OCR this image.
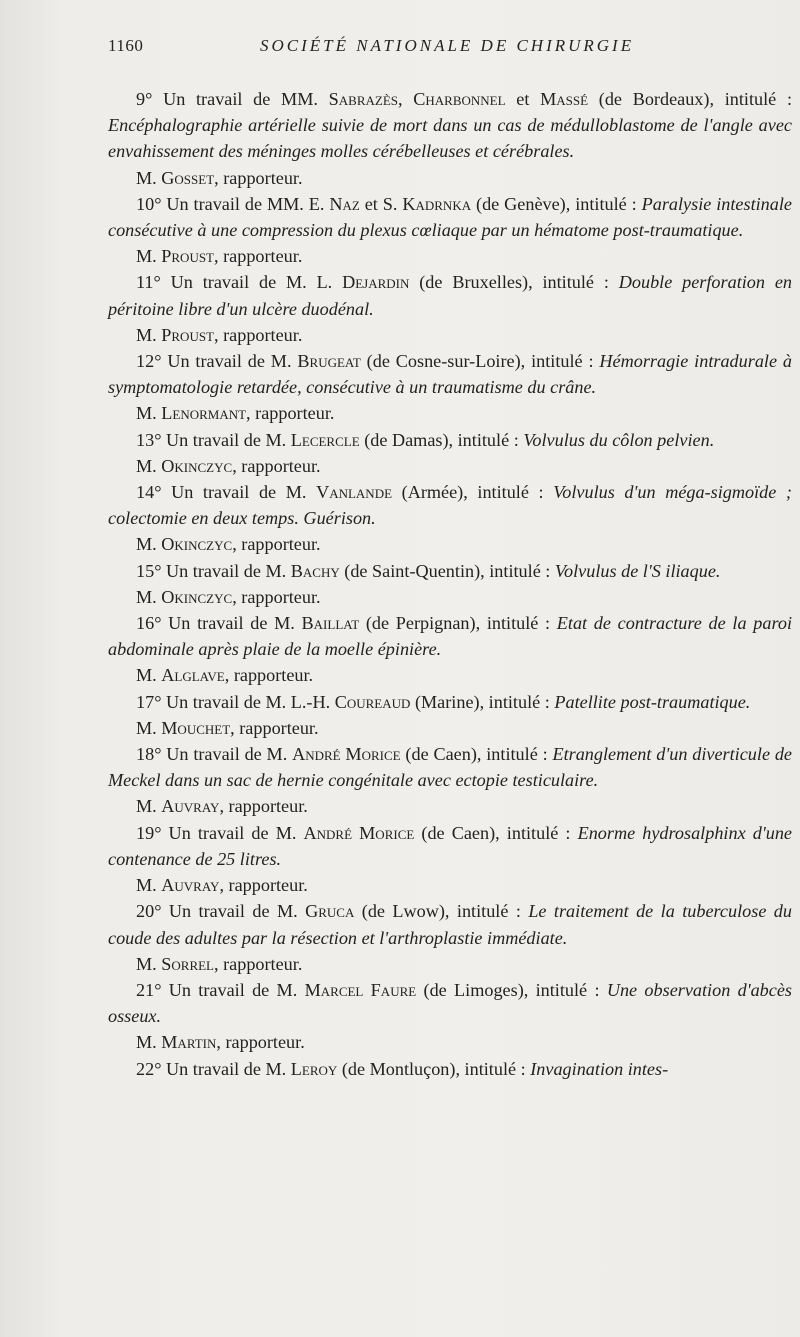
1160	SOCIÉTÉ NATIONALE DE CHIRURGIE

9° Un travail de MM. Sabrazès, Charbonnel et Massé (de Bordeaux), intitulé : Encéphalographie artérielle suivie de mort dans un cas de médulloblastome de l'angle avec envahissement des méninges molles cérébelleuses et cérébrales.

M. Gosset, rapporteur.

10° Un travail de MM. E. Naz et S. Kadrnka (de Genève), intitulé : Paralysie intestinale consécutive à une compression du plexus cœliaque par un hématome post-traumatique.

M. Proust, rapporteur.

11° Un travail de M. L. Dejardin (de Bruxelles), intitulé : Double perforation en péritoine libre d'un ulcère duodénal.

M. Proust, rapporteur.

12° Un travail de M. Brugeat (de Cosne-sur-Loire), intitulé : Hémorragie intradurale à symptomatologie retardée, consécutive à un traumatisme du crâne.

M. Lenormant, rapporteur.

13° Un travail de M. Lecercle (de Damas), intitulé : Volvulus du côlon pelvien.

M. Okinczyc, rapporteur.

14° Un travail de M. Vanlande (Armée), intitulé : Volvulus d'un méga-sigmoïde ; colectomie en deux temps. Guérison.

M. Okinczyc, rapporteur.

15° Un travail de M. Bachy (de Saint-Quentin), intitulé : Volvulus de l'S iliaque.

M. Okinczyc, rapporteur.

16° Un travail de M. Baillat (de Perpignan), intitulé : Etat de contracture de la paroi abdominale après plaie de la moelle épinière.

M. Alglave, rapporteur.

17° Un travail de M. L.-H. Coureaud (Marine), intitulé : Patellite post-traumatique.

M. Mouchet, rapporteur.

18° Un travail de M. André Morice (de Caen), intitulé : Etranglement d'un diverticule de Meckel dans un sac de hernie congénitale avec ectopie testiculaire.

M. Auvray, rapporteur.

19° Un travail de M. André Morice (de Caen), intitulé : Enorme hydrosalphinx d'une contenance de 25 litres.

M. Auvray, rapporteur.

20° Un travail de M. Gruca (de Lwow), intitulé : Le traitement de la tuberculose du coude des adultes par la résection et l'arthroplastie immédiate.

M. Sorrel, rapporteur.

21° Un travail de M. Marcel Faure (de Limoges), intitulé : Une observation d'abcès osseux.

M. Martin, rapporteur.

22° Un travail de M. Leroy (de Montluçon), intitulé : Invagination intes-
